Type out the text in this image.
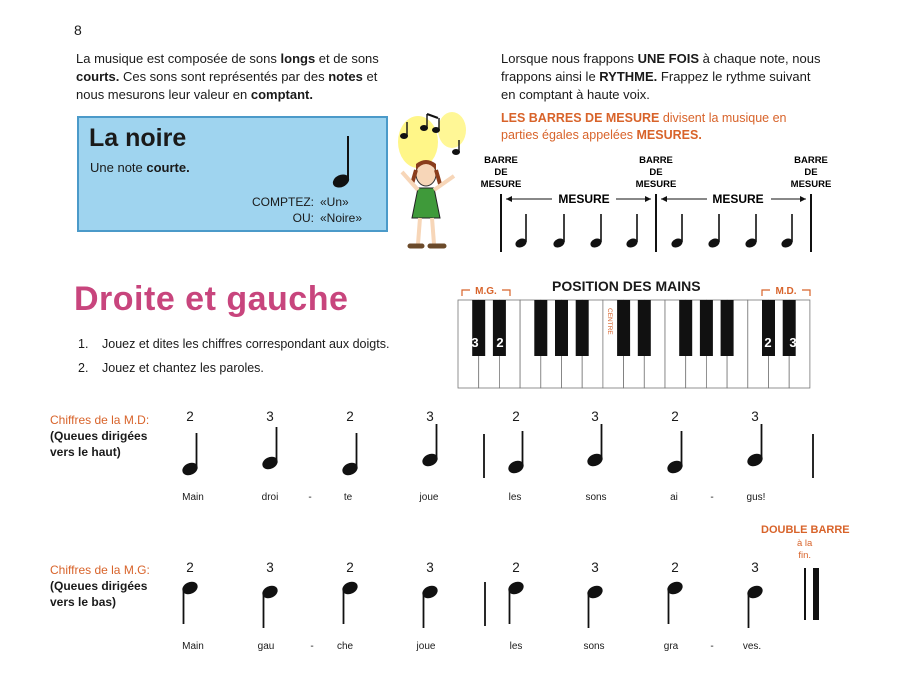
8
La musique est composée de sons longs et de sons courts. Ces sons sont représentés par des notes et nous mesurons leur valeur en comptant.
Lorsque nous frappons UNE FOIS à chaque note, nous frappons ainsi le RYTHME. Frappez le rythme suivant en comptant à haute voix.
LES BARRES DE MESURE divisent la musique en parties égales appelées MESURES.
La noire
Une note courte.
COMPTEZ: «Un»
OU: «Noire»
BARRE
DE
MESURE
BARRE
DE
MESURE
BARRE
DE
MESURE
MESURE	MESURE
Droite et gauche
1. Jouez et dites les chiffres correspondant aux doigts.
2. Jouez et chantez les paroles.
POSITION DES MAINS
M.G.	M.D.
CENTRE
3 2	2 3
Chiffres de la M.D:
(Queues dirigées
vers le haut)
2	3	2	3	2	3	2	3
Main	droi	-	te	joue	les	sons	ai	-	gus!
DOUBLE BARRE
à la
fin.
Chiffres de la M.G:
(Queues dirigées
vers le bas)
2	3	2	3	2	3	2	3
Main	gau	- che	joue	les	sons	gra	-	ves.
